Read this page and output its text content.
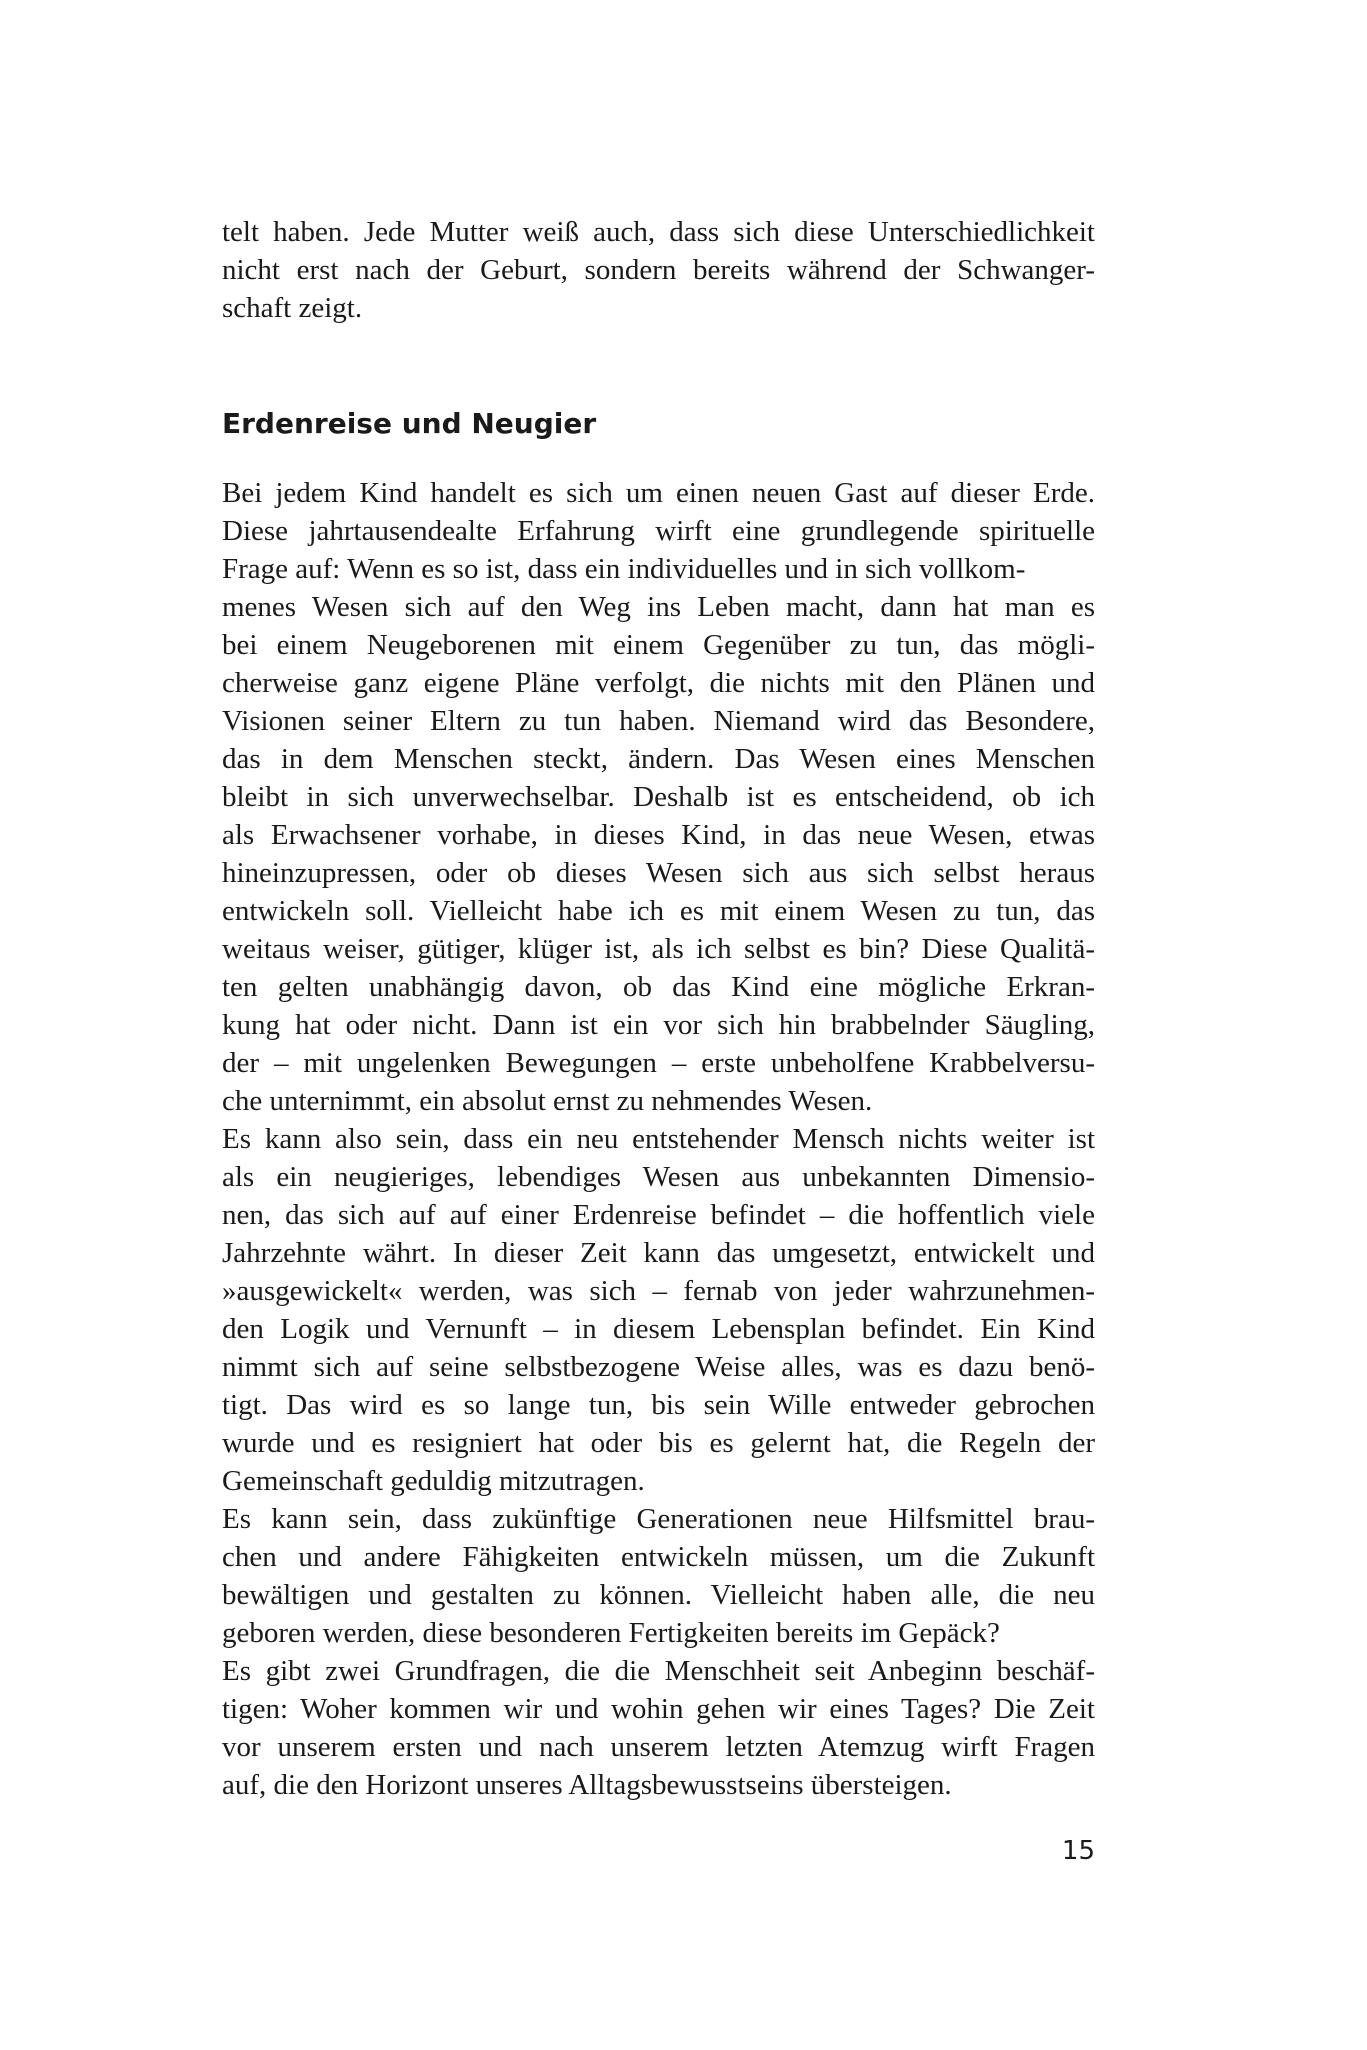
telt haben. Jede Mutter weiß auch, dass sich diese Unterschiedlichkeit
nicht erst nach der Geburt, sondern bereits während der Schwanger-
schaft zeigt.
Erdenreise und Neugier
Bei jedem Kind handelt es sich um einen neuen Gast auf dieser Erde.
Diese jahrtausendealte Erfahrung wirft eine grundlegende spirituelle
Frage auf: Wenn es so ist, dass ein individuelles und in sich vollkom-
menes Wesen sich auf den Weg ins Leben macht, dann hat man es
bei einem Neugeborenen mit einem Gegenüber zu tun, das mögli-
cherweise ganz eigene Pläne verfolgt, die nichts mit den Plänen und
Visionen seiner Eltern zu tun haben. Niemand wird das Besondere,
das in dem Menschen steckt, ändern. Das Wesen eines Menschen
bleibt in sich unverwechselbar. Deshalb ist es entscheidend, ob ich
als Erwachsener vorhabe, in dieses Kind, in das neue Wesen, etwas
hineinzupressen, oder ob dieses Wesen sich aus sich selbst heraus
entwickeln soll. Vielleicht habe ich es mit einem Wesen zu tun, das
weitaus weiser, gütiger, klüger ist, als ich selbst es bin? Diese Qualitä-
ten gelten unabhängig davon, ob das Kind eine mögliche Erkran-
kung hat oder nicht. Dann ist ein vor sich hin brabbelnder Säugling,
der – mit ungelenken Bewegungen – erste unbeholfene Krabbelversu-
che unternimmt, ein absolut ernst zu nehmendes Wesen.
Es kann also sein, dass ein neu entstehender Mensch nichts weiter ist
als ein neugieriges, lebendiges Wesen aus unbekannten Dimensio-
nen, das sich auf auf einer Erdenreise befindet – die hoffentlich viele
Jahrzehnte währt. In dieser Zeit kann das umgesetzt, entwickelt und
»ausgewickelt« werden, was sich – fernab von jeder wahrzunehmen-
den Logik und Vernunft – in diesem Lebensplan befindet. Ein Kind
nimmt sich auf seine selbstbezogene Weise alles, was es dazu benö-
tigt. Das wird es so lange tun, bis sein Wille entweder gebrochen
wurde und es resigniert hat oder bis es gelernt hat, die Regeln der
Gemeinschaft geduldig mitzutragen.
Es kann sein, dass zukünftige Generationen neue Hilfsmittel brau-
chen und andere Fähigkeiten entwickeln müssen, um die Zukunft
bewältigen und gestalten zu können. Vielleicht haben alle, die neu
geboren werden, diese besonderen Fertigkeiten bereits im Gepäck?
Es gibt zwei Grundfragen, die die Menschheit seit Anbeginn beschäf-
tigen: Woher kommen wir und wohin gehen wir eines Tages? Die Zeit
vor unserem ersten und nach unserem letzten Atemzug wirft Fragen
auf, die den Horizont unseres Alltagsbewusstseins übersteigen.
15
